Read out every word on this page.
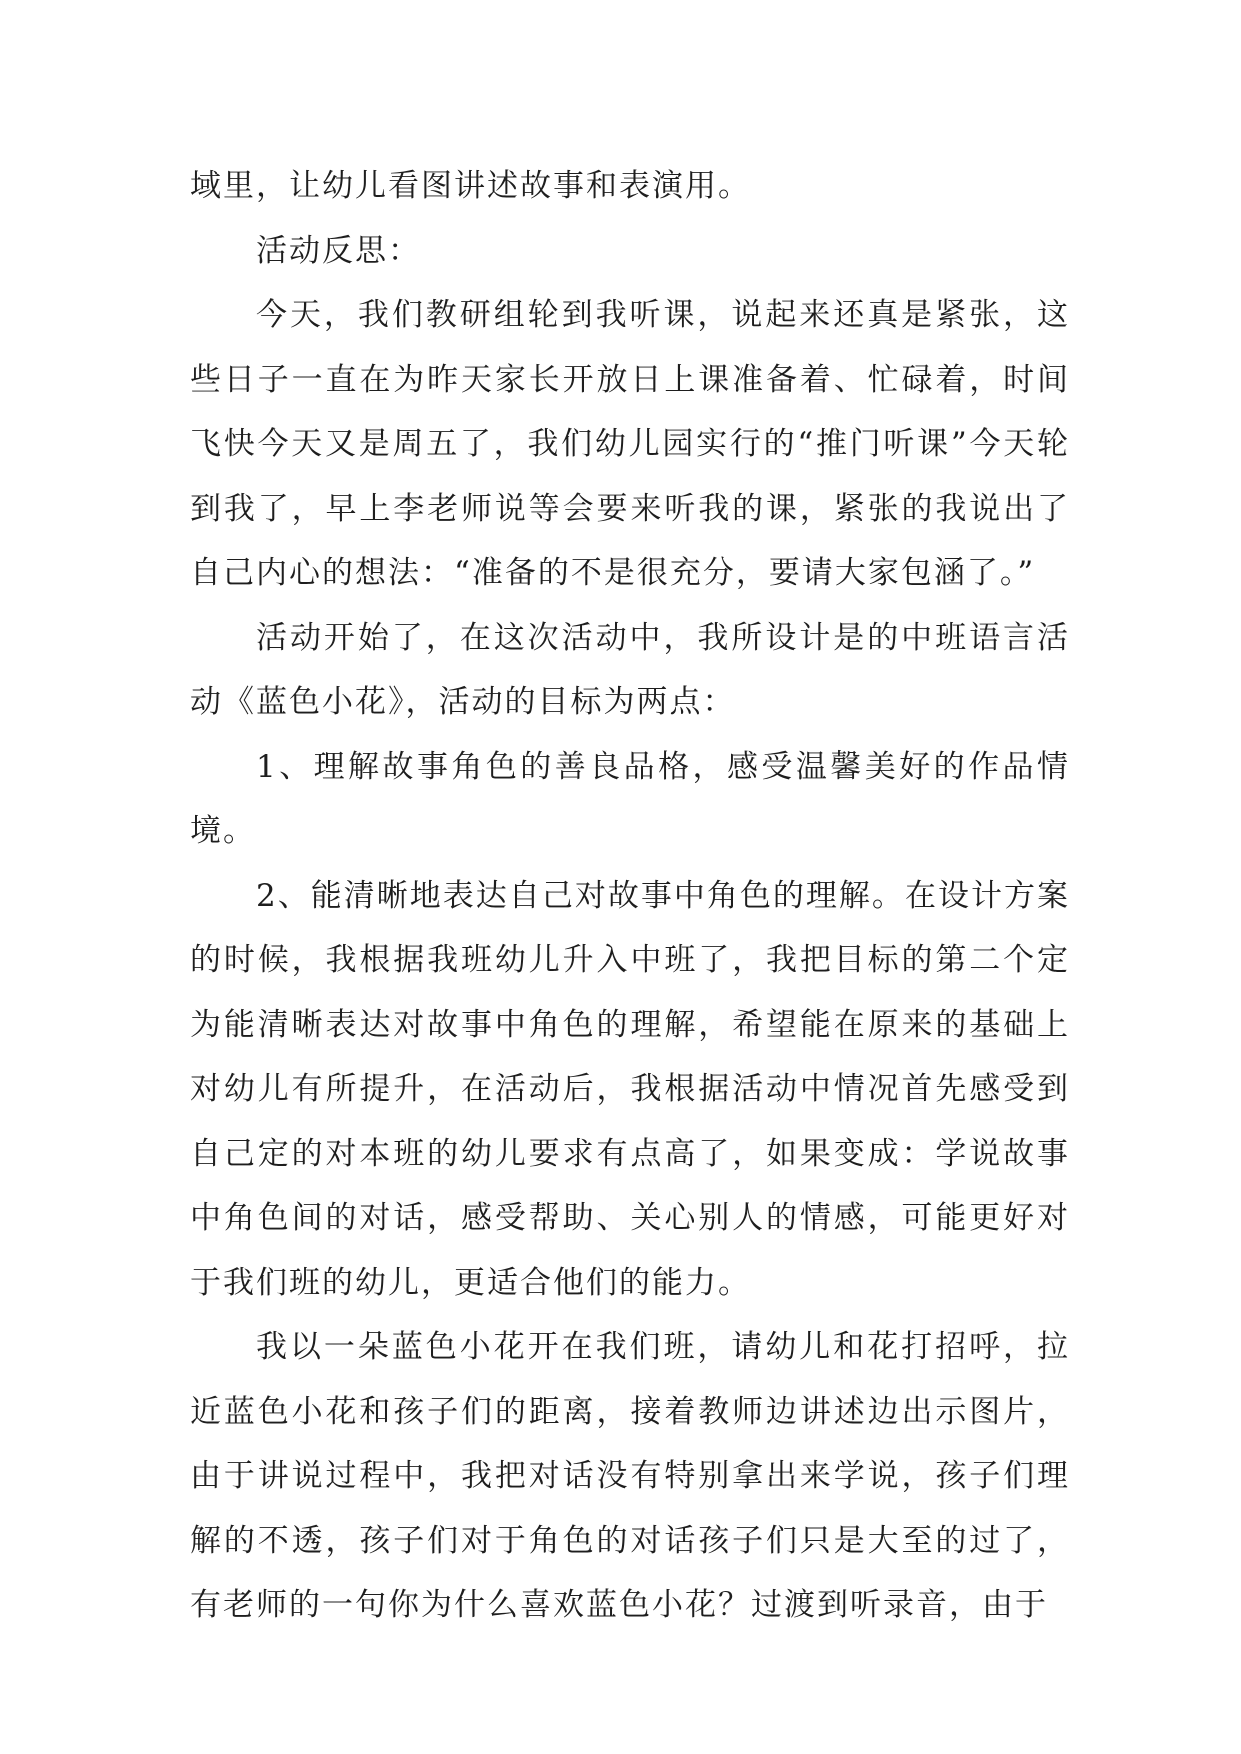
域里，让幼儿看图讲述故事和表演用。

活动反思：

今天，我们教研组轮到我听课，说起来还真是紧张，这些日子一直在为昨天家长开放日上课准备着、忙碌着，时间飞快今天又是周五了，我们幼儿园实行的“推门听课”今天轮到我了，早上李老师说等会要来听我的课，紧张的我说出了自己内心的想法：“准备的不是很充分，要请大家包涵了。”

活动开始了，在这次活动中，我所设计是的中班语言活动《蓝色小花》，活动的目标为两点：

1、理解故事角色的善良品格，感受温馨美好的作品情境。

2、能清晰地表达自己对故事中角色的理解。在设计方案的时候，我根据我班幼儿升入中班了，我把目标的第二个定为能清晰表达对故事中角色的理解，希望能在原来的基础上对幼儿有所提升，在活动后，我根据活动中情况首先感受到自己定的对本班的幼儿要求有点高了，如果变成：学说故事中角色间的对话，感受帮助、关心别人的情感，可能更好对于我们班的幼儿，更适合他们的能力。

我以一朵蓝色小花开在我们班，请幼儿和花打招呼，拉近蓝色小花和孩子们的距离，接着教师边讲述边出示图片，由于讲说过程中，我把对话没有特别拿出来学说，孩子们理解的不透，孩子们对于角色的对话孩子们只是大至的过了，有老师的一句你为什么喜欢蓝色小花？过渡到听录音，由于
